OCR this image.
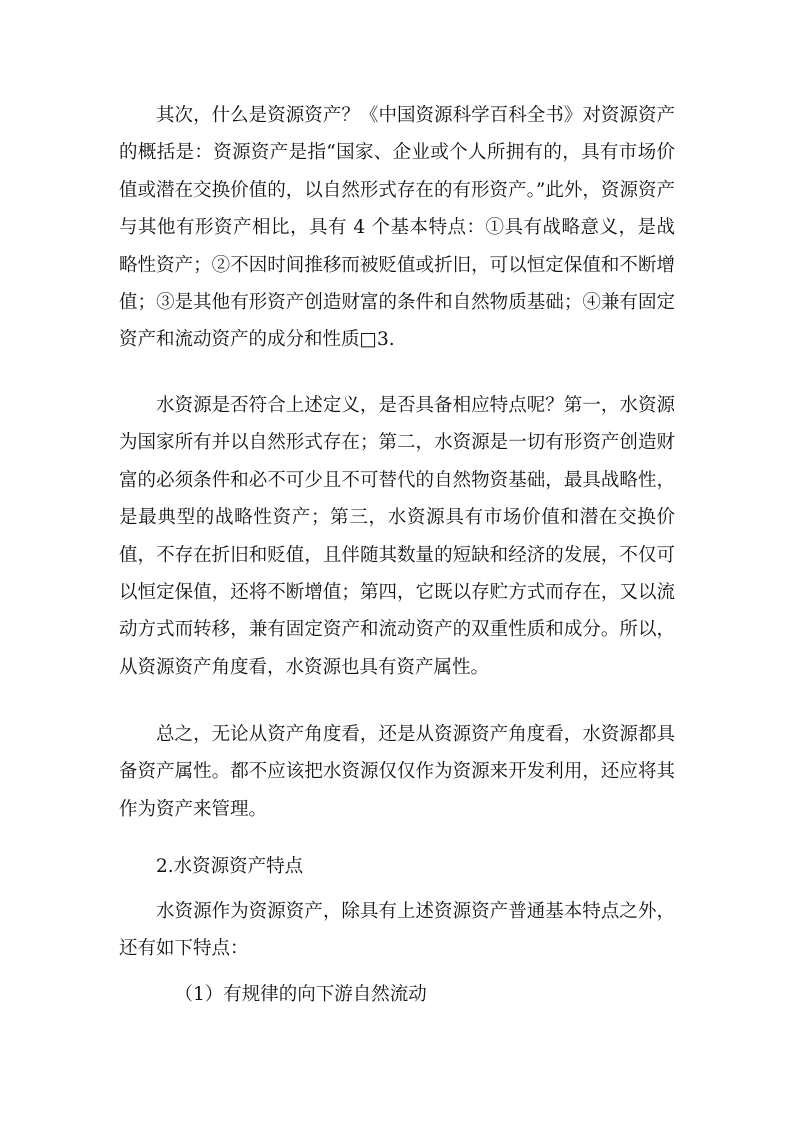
其次，什么是资源资产？《中国资源科学百科全书》对资源资产的概括是：资源资产是指“国家、企业或个人所拥有的，具有市场价值或潜在交换价值的，以自然形式存在的有形资产。”此外，资源资产与其他有形资产相比，具有 4 个基本特点：①具有战略意义，是战略性资产；②不因时间推移而被贬值或折旧，可以恒定保值和不断增值；③是其他有形资产创造财富的条件和自然物质基础；④兼有固定资产和流动资产的成分和性质□3.

水资源是否符合上述定义，是否具备相应特点呢？第一，水资源为国家所有并以自然形式存在；第二，水资源是一切有形资产创造财富的必须条件和必不可少且不可替代的自然物资基础，最具战略性，是最典型的战略性资产；第三，水资源具有市场价值和潜在交换价值，不存在折旧和贬值，且伴随其数量的短缺和经济的发展，不仅可以恒定保值，还将不断增值；第四，它既以存贮方式而存在，又以流动方式而转移，兼有固定资产和流动资产的双重性质和成分。所以，从资源资产角度看，水资源也具有资产属性。

总之，无论从资产角度看，还是从资源资产角度看，水资源都具备资产属性。都不应该把水资源仅仅作为资源来开发利用，还应将其作为资产来管理。

2.水资源资产特点

水资源作为资源资产，除具有上述资源资产普通基本特点之外，还有如下特点：

（1）有规律的向下游自然流动
